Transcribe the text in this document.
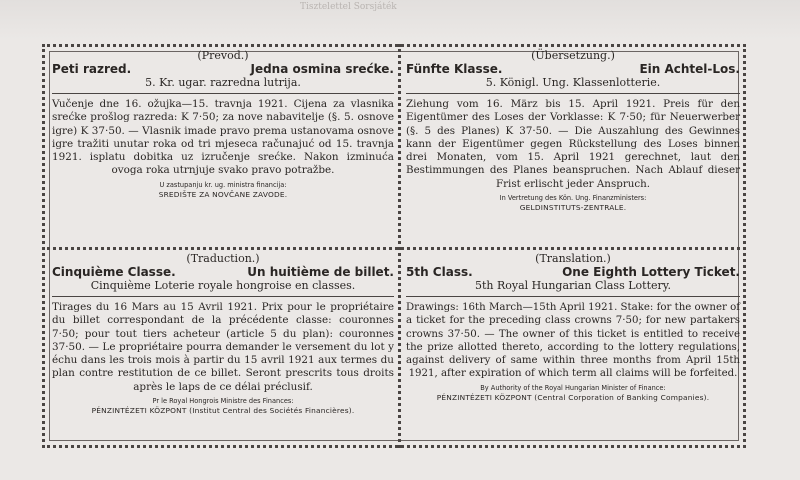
Tisztelettel Sorsjáték
(Prevod.)
Peti razred.	Jedna osmina srećke.
5. Kr. ugar. razredna lutrija.
Vučenje dne 16. ožujka—15. travnja 1921. Cijena za vlasnika srećke prošlog razreda: K 7·50; za nove nabavitelje (§. 5. osnove igre) K 37·50. — Vlasnik imade pravo prema ustanovama osnove igre tražiti unutar roka od tri mjeseca računajuć od 15. travnja 1921. isplatu dobitka uz izručenje srećke. Nakon izminuća ovoga roka utrnjuje svako pravo potražbe.
U zastupanju kr. ug. ministra financija:
SREDIŠTE ZA NOVČANE ZAVODE.
(Übersetzung.)
Fünfte Klasse.	Ein Achtel-Los.
5. Königl. Ung. Klassenlotterie.
Ziehung vom 16. März bis 15. April 1921. Preis für den Eigentümer des Loses der Vorklasse: K 7·50; für Neuerwerber (§. 5 des Planes) K 37·50. — Die Auszahlung des Gewinnes kann der Eigentümer gegen Rückstellung des Loses binnen drei Monaten, vom 15. April 1921 gerechnet, laut den Bestimmungen des Planes beanspruchen. Nach Ablauf dieser Frist erlischt jeder Anspruch.
In Vertretung des Kön. Ung. Finanzministers:
GELDINSTITUTS-ZENTRALE.
(Traduction.)
Cinquième Classe.	Un huitième de billet.
Cinquième Loterie royale hongroise en classes.
Tirages du 16 Mars au 15 Avril 1921. Prix pour le propriétaire du billet correspondant de la précédente classe: couronnes 7·50; pour tout tiers acheteur (article 5 du plan): couronnes 37·50. — Le propriétaire pourra demander le versement du lot y échu dans les trois mois à partir du 15 avril 1921 aux termes du plan contre restitution de ce billet. Seront prescrits tous droits après le laps de ce délai préclusif.
Pr le Royal Hongrois Ministre des Finances:
PÉNZINTÉZETI KÖZPONT (Institut Central des Sociétés Financières).
(Translation.)
5th Class.	One Eighth Lottery Ticket.
5th Royal Hungarian Class Lottery.
Drawings: 16th March—15th April 1921. Stake: for the owner of a ticket for the preceding class crowns 7·50; for new partakers crowns 37·50. — The owner of this ticket is entitled to receive the prize allotted thereto, according to the lottery regulations, against delivery of same within three months from April 15th 1921, after expiration of which term all claims will be forfeited.
By Authority of the Royal Hungarian Minister of Finance:
PÉNZINTÉZETI KÖZPONT (Central Corporation of Banking Companies).
